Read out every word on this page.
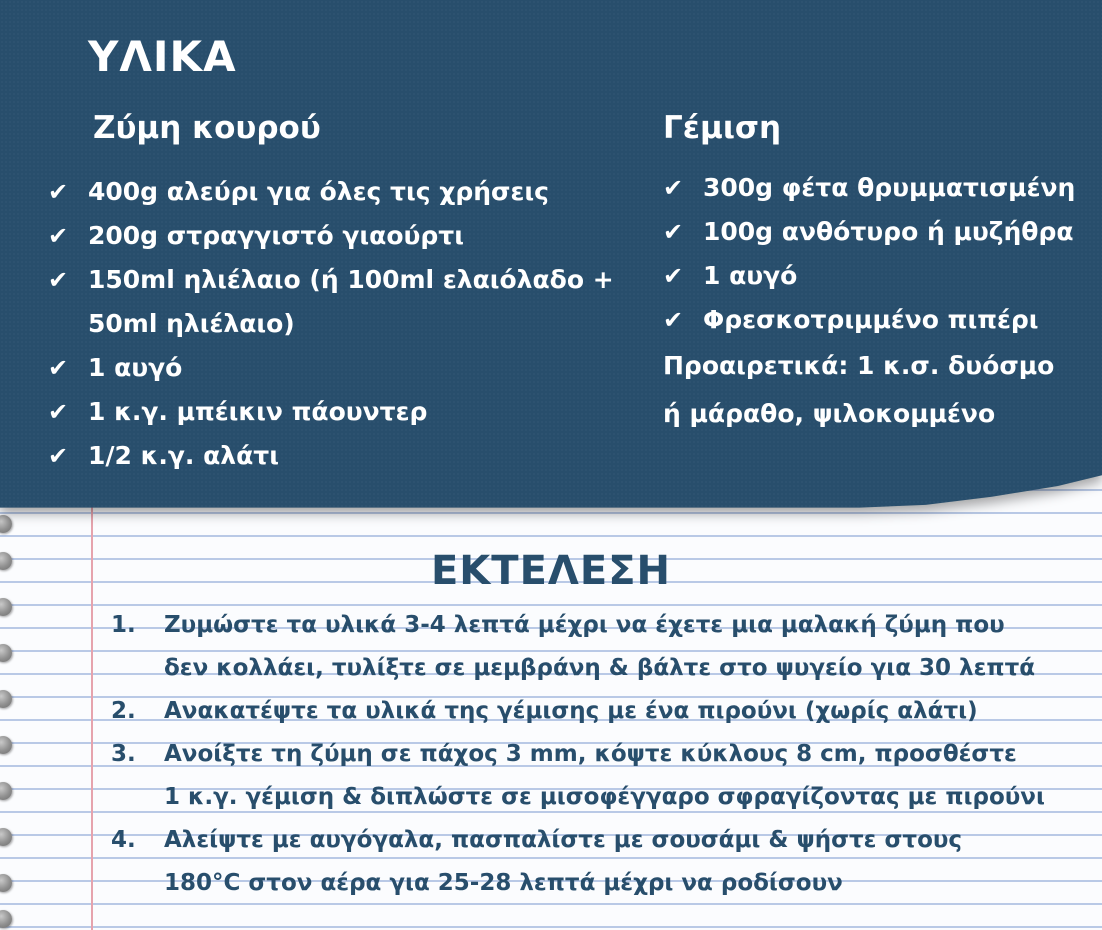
ΥΛΙΚΑ
Ζύμη κουρού
✔ 400g αλεύρι για όλες τις χρήσεις
✔ 200g στραγγιστό γιαούρτι
✔ 150ml ηλιέλαιο (ή 100ml ελαιόλαδο +
50ml ηλιέλαιο)
✔ 1 αυγό
✔ 1 κ.γ. μπέικιν πάουντερ
✔ 1/2 κ.γ. αλάτι
Γέμιση
✔ 300g φέτα θρυμματισμένη
✔ 100g ανθότυρο ή μυζήθρα
✔ 1 αυγό
✔ Φρεσκοτριμμένο πιπέρι

Προαιρετικά: 1 κ.σ. δυόσμο ή μάραθο, ψιλοκομμένο

ΕΚΤΕΛΕΣΗ
1. Ζυμώστε τα υλικά 3-4 λεπτά μέχρι να έχετε μια μαλακή ζύμη που
δεν κολλάει, τυλίξτε σε μεμβράνη & βάλτε στο ψυγείο για 30 λεπτά
2. Ανακατέψτε τα υλικά της γέμισης με ένα πιρούνι (χωρίς αλάτι)
3. Ανοίξτε τη ζύμη σε πάχος 3 mm, κόψτε κύκλους 8 cm, προσθέστε
1 κ.γ. γέμιση & διπλώστε σε μισοφέγγαρο σφραγίζοντας με πιρούνι
4. Αλείψτε με αυγόγαλα, πασπαλίστε με σουσάμι & ψήστε στους
180°C στον αέρα για 25-28 λεπτά μέχρι να ροδίσουν
